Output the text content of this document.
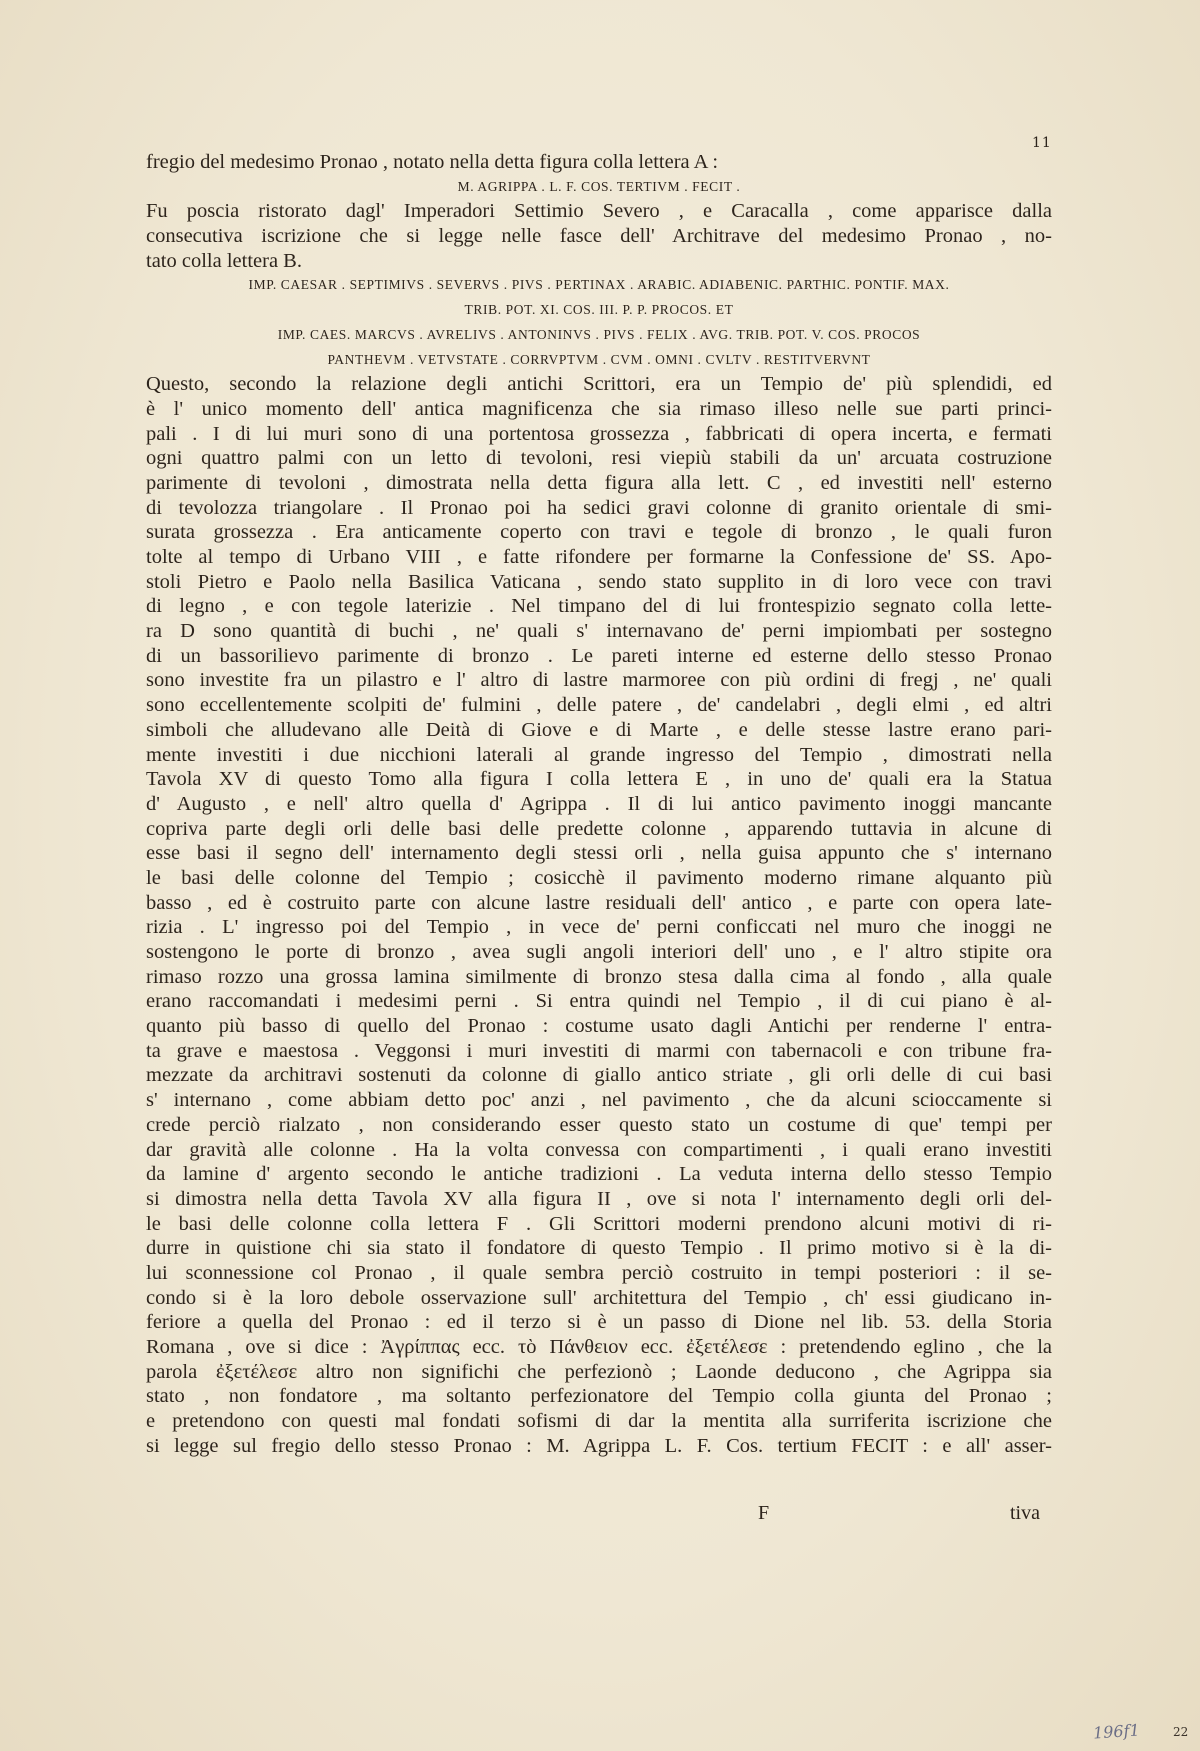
11
fregio del medesimo Pronao , notato nella detta figura colla lettera A :
M. AGRIPPA . L. F. COS. TERTIVM . FECIT .
Fu poscia ristorato dagl' Imperadori Settimio Severo , e Caracalla , come apparisce dalla
consecutiva iscrizione che si legge nelle fasce dell' Architrave del medesimo Pronao , no-
tato colla lettera B.
IMP. CAESAR . SEPTIMIVS . SEVERVS . PIVS . PERTINAX . ARABIC. ADIABENIC. PARTHIC. PONTIF. MAX.
TRIB. POT. XI. COS. III. P. P. PROCOS. ET
IMP. CAES. MARCVS . AVRELIVS . ANTONINVS . PIVS . FELIX . AVG. TRIB. POT. V. COS. PROCOS
PANTHEVM . VETVSTATE . CORRVPTVM . CVM . OMNI . CVLTV . RESTITVERVNT
Questo, secondo la relazione degli antichi Scrittori, era un Tempio de' più splendidi, ed
è l' unico momento dell' antica magnificenza che sia rimaso illeso nelle sue parti princi-
pali . I di lui muri sono di una portentosa grossezza , fabbricati di opera incerta, e fermati
ogni quattro palmi con un letto di tevoloni, resi viepiù stabili da un' arcuata costruzione
parimente di tevoloni , dimostrata nella detta figura alla lett. C , ed investiti nell' esterno
di tevolozza triangolare . Il Pronao poi ha sedici gravi colonne di granito orientale di smi-
surata grossezza . Era anticamente coperto con travi e tegole di bronzo , le quali furon
tolte al tempo di Urbano VIII , e fatte rifondere per formarne la Confessione de' SS. Apo-
stoli Pietro e Paolo nella Basilica Vaticana , sendo stato supplito in di loro vece con travi
di legno , e con tegole laterizie . Nel timpano del di lui frontespizio segnato colla lette-
ra D sono quantità di buchi , ne' quali s' internavano de' perni impiombati per sostegno
di un bassorilievo parimente di bronzo . Le pareti interne ed esterne dello stesso Pronao
sono investite fra un pilastro e l' altro di lastre marmoree con più ordini di fregj , ne' quali
sono eccellentemente scolpiti de' fulmini , delle patere , de' candelabri , degli elmi , ed altri
simboli che alludevano alle Deità di Giove e di Marte , e delle stesse lastre erano pari-
mente investiti i due nicchioni laterali al grande ingresso del Tempio , dimostrati nella
Tavola XV di questo Tomo alla figura I colla lettera E , in uno de' quali era la Statua
d' Augusto , e nell' altro quella d' Agrippa . Il di lui antico pavimento inoggi mancante
copriva parte degli orli delle basi delle predette colonne , apparendo tuttavia in alcune di
esse basi il segno dell' internamento degli stessi orli , nella guisa appunto che s' internano
le basi delle colonne del Tempio ; cosicchè il pavimento moderno rimane alquanto più
basso , ed è costruito parte con alcune lastre residuali dell' antico , e parte con opera late-
rizia . L' ingresso poi del Tempio , in vece de' perni conficcati nel muro che inoggi ne
sostengono le porte di bronzo , avea sugli angoli interiori dell' uno , e l' altro stipite ora
rimaso rozzo una grossa lamina similmente di bronzo stesa dalla cima al fondo , alla quale
erano raccomandati i medesimi perni . Si entra quindi nel Tempio , il di cui piano è al-
quanto più basso di quello del Pronao : costume usato dagli Antichi per renderne l' entra-
ta grave e maestosa . Veggonsi i muri investiti di marmi con tabernacoli e con tribune fra-
mezzate da architravi sostenuti da colonne di giallo antico striate , gli orli delle di cui basi
s' internano , come abbiam detto poc' anzi , nel pavimento , che da alcuni scioccamente si
crede perciò rialzato , non considerando esser questo stato un costume di que' tempi per
dar gravità alle colonne . Ha la volta convessa con compartimenti , i quali erano investiti
da lamine d' argento secondo le antiche tradizioni . La veduta interna dello stesso Tempio
si dimostra nella detta Tavola XV alla figura II , ove si nota l' internamento degli orli del-
le basi delle colonne colla lettera F . Gli Scrittori moderni prendono alcuni motivi di ri-
durre in quistione chi sia stato il fondatore di questo Tempio . Il primo motivo si è la di-
lui sconnessione col Pronao , il quale sembra perciò costruito in tempi posteriori : il se-
condo si è la loro debole osservazione sull' architettura del Tempio , ch' essi giudicano in-
feriore a quella del Pronao : ed il terzo si è un passo di Dione nel lib. 53. della Storia
Romana , ove si dice : Ἀγρίππας ecc. τὸ Πάνθειον ecc. ἐξετέλεσε : pretendendo eglino , che la
parola ἐξετέλεσε altro non significhi che perfezionò ; Laonde deducono , che Agrippa sia
stato , non fondatore , ma soltanto perfezionatore del Tempio colla giunta del Pronao ;
e pretendono con questi mal fondati sofismi di dar la mentita alla surriferita iscrizione che
si legge sul fregio dello stesso Pronao : M. Agrippa L. F. Cos. tertium FECIT : e all' asser-
F	tiva
196f1	22
